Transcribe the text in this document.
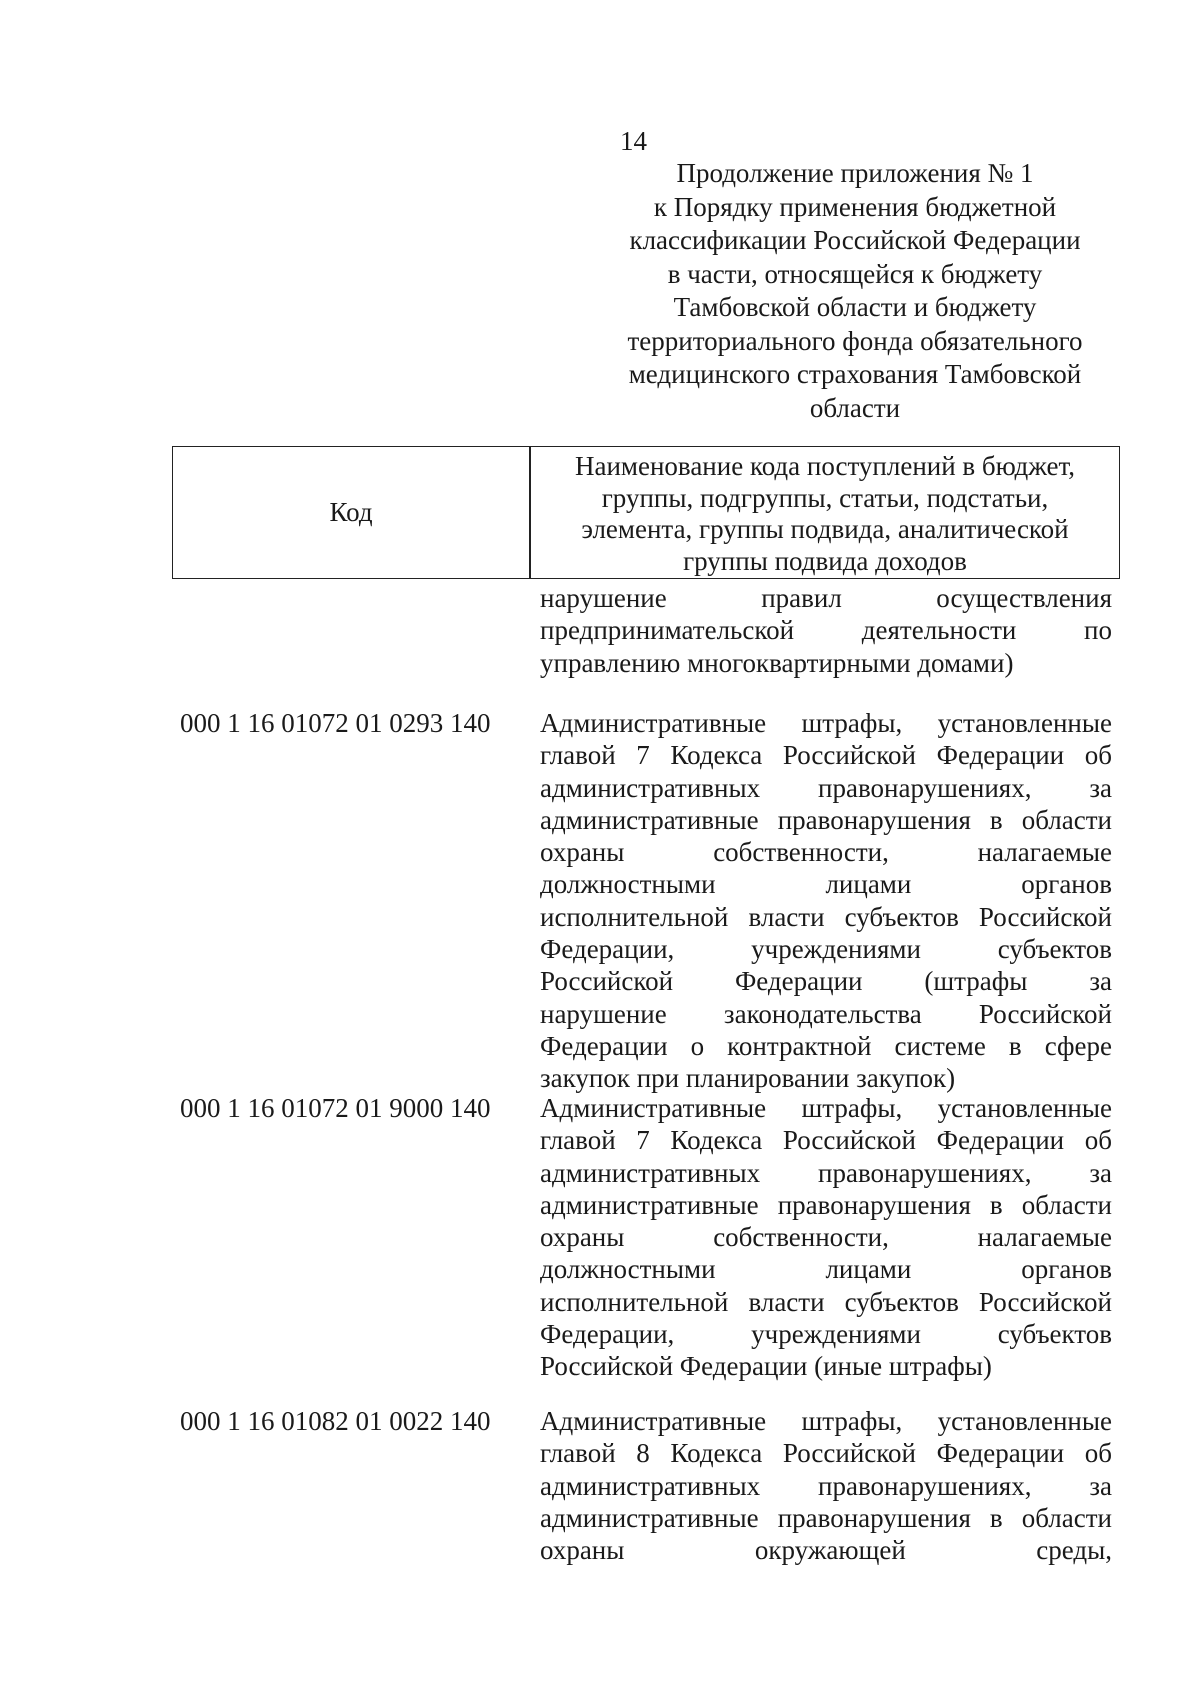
14
Продолжение приложения № 1
к Порядку применения бюджетной
классификации Российской Федерации
в части, относящейся к бюджету
Тамбовской области и бюджету
территориального фонда обязательного
медицинского страхования Тамбовской
области
Код
Наименование кода поступлений в бюджет,
группы, подгруппы, статьи, подстатьи,
элемента, группы подвида, аналитической
группы подвида доходов
нарушение правил осуществления
предпринимательской деятельности по
управлению многоквартирными домами)
000 1 16 01072 01 0293 140 Административные штрафы, установленные
главой 7 Кодекса Российской Федерации об
административных правонарушениях, за
административные правонарушения в области
охраны собственности, налагаемые
должностными лицами органов
исполнительной власти субъектов Российской
Федерации, учреждениями субъектов
Российской Федерации (штрафы за
нарушение законодательства Российской
Федерации о контрактной системе в сфере
закупок при планировании закупок)
000 1 16 01072 01 9000 140 Административные штрафы, установленные
главой 7 Кодекса Российской Федерации об
административных правонарушениях, за
административные правонарушения в области
охраны собственности, налагаемые
должностными лицами органов
исполнительной власти субъектов Российской
Федерации, учреждениями субъектов
Российской Федерации (иные штрафы)
000 1 16 01082 01 0022 140 Административные штрафы, установленные
главой 8 Кодекса Российской Федерации об
административных правонарушениях, за
административные правонарушения в области
охраны окружающей среды,
